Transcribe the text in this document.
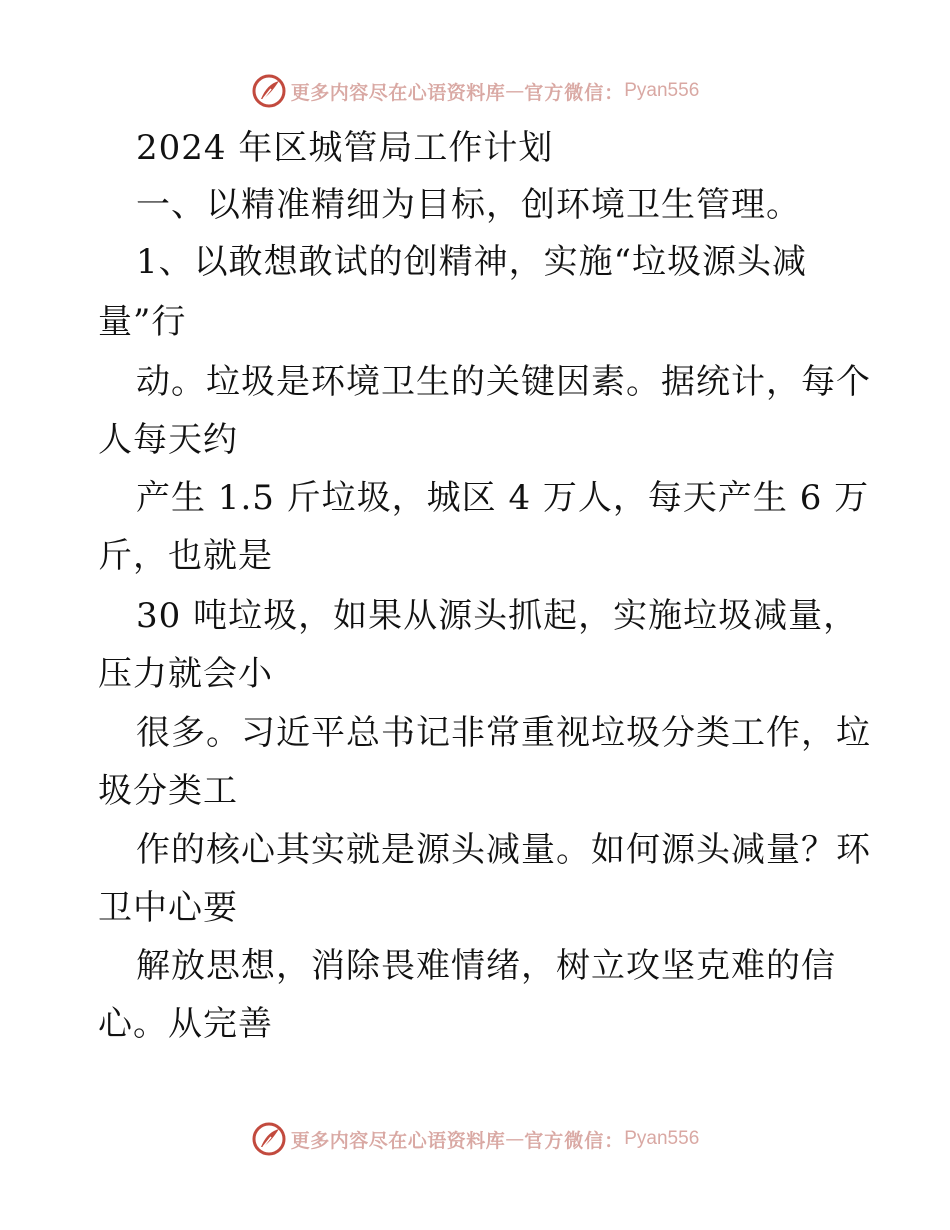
更多内容尽在心语资料库 — 官方微信： Pyan556
2024 年区城管局工作计划
一、以精准精细为目标，创环境卫生管理。
1、以敢想敢试的创精神，实施“垃圾源头减
量”行
动。垃圾是环境卫生的关键因素。据统计，每个
人每天约
产生 1.5 斤垃圾，城区 4 万人，每天产生 6 万
斤，也就是
30 吨垃圾，如果从源头抓起，实施垃圾减量，
压力就会小
很多。习近平总书记非常重视垃圾分类工作，垃
圾分类工
作的核心其实就是源头减量。如何源头减量？环
卫中心要
解放思想，消除畏难情绪，树立攻坚克难的信
心。从完善
更多内容尽在心语资料库 — 官方微信： Pyan556
